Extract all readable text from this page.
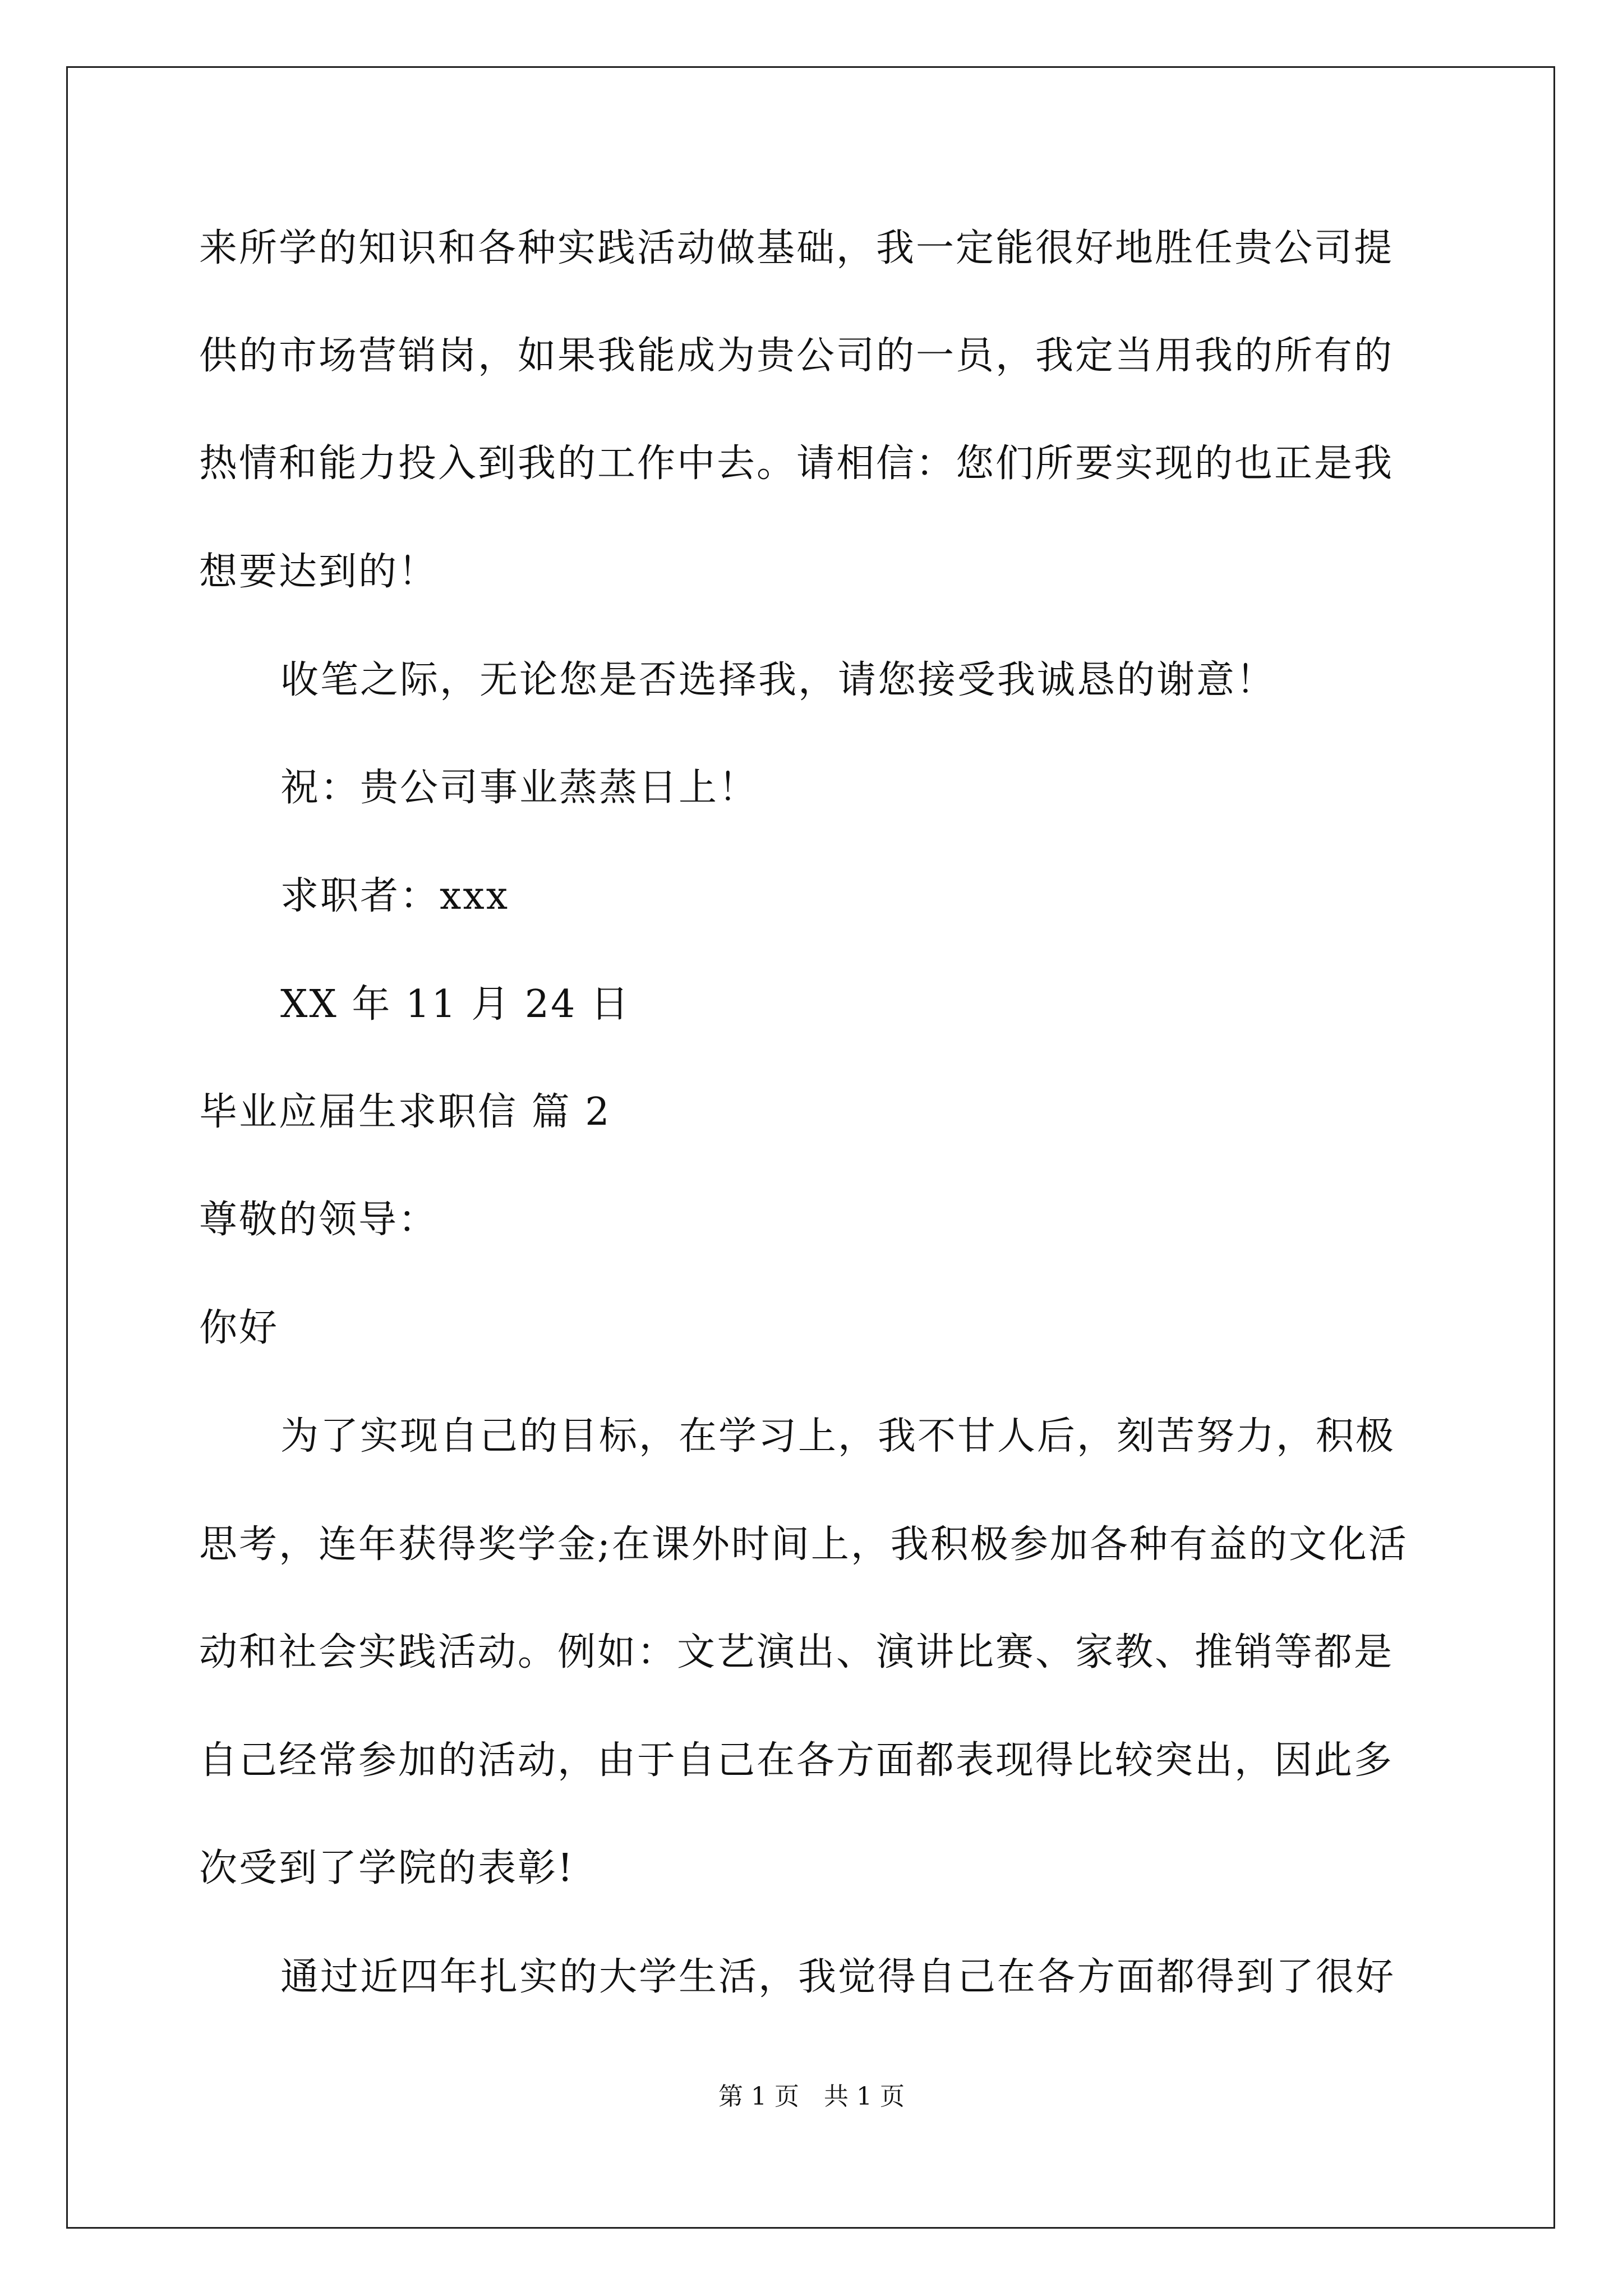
来所学的知识和各种实践活动做基础，我一定能很好地胜任贵公司提
供的市场营销岗，如果我能成为贵公司的一员，我定当用我的所有的
热情和能力投入到我的工作中去。请相信：您们所要实现的也正是我
想要达到的！
收笔之际，无论您是否选择我，请您接受我诚恳的谢意！
祝：贵公司事业蒸蒸日上！
求职者：xxx
XX 年 11 月 24 日
毕业应届生求职信 篇 2
尊敬的领导：
你好
为了实现自己的目标，在学习上，我不甘人后，刻苦努力，积极
思考，连年获得奖学金;在课外时间上，我积极参加各种有益的文化活
动和社会实践活动。例如：文艺演出、演讲比赛、家教、推销等都是
自己经常参加的活动，由于自己在各方面都表现得比较突出，因此多
次受到了学院的表彰!
通过近四年扎实的大学生活，我觉得自己在各方面都得到了很好
第 1 页　共 1 页
